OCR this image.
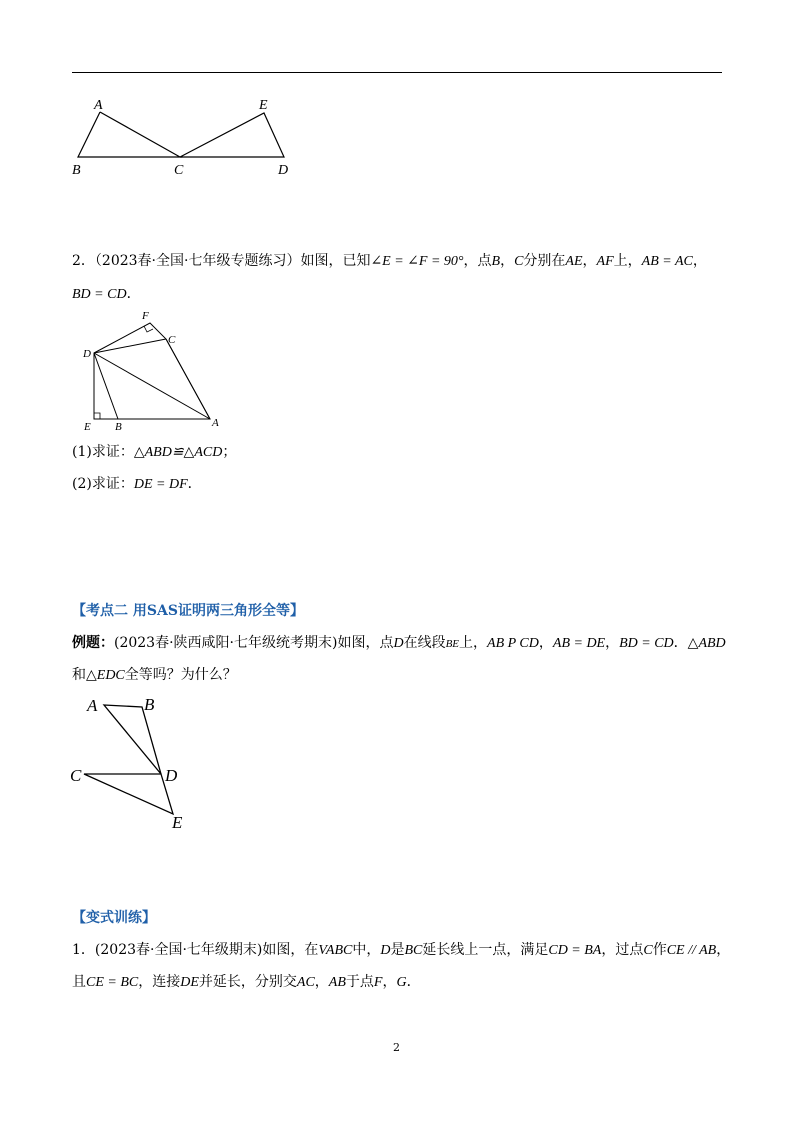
A
B	C	D
E
2．（2023春·全国·七年级专题练习）如图，已知∠E = ∠F = 90°，点B，C分别在AE，AF上，AB = AC，
BD = CD．
D
F
C
E B	A
(1)求证：△ABD≌△ACD；
(2)求证：DE = DF．
【考点二 用SAS证明两三角形全等】
例题：(2023春·陕西咸阳·七年级统考期末)如图，点D在线段BE上，AB P CD，AB = DE，BD = CD．△ABD
和△EDC全等吗？为什么？
A	B
C	D
E
【变式训练】
1．(2023春·全国·七年级期末)如图，在VABC中，D是BC延长线上一点，满足CD = BA，过点C作CE // AB，
且CE = BC，连接DE并延长，分别交AC，AB于点F，G．
2
